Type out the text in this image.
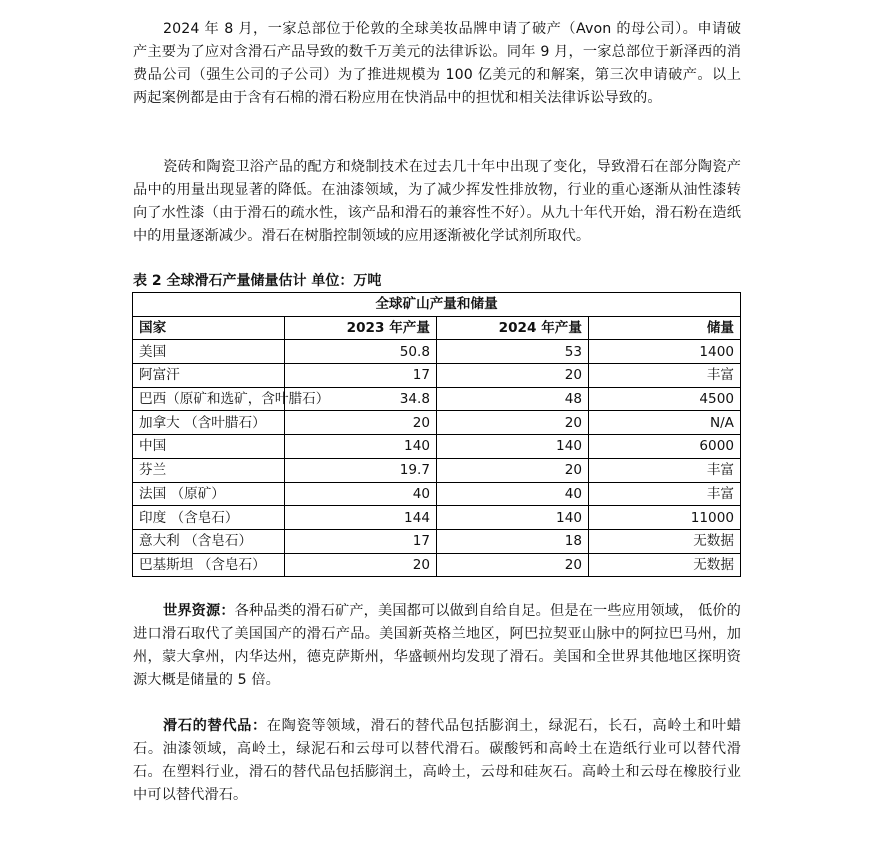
2024 年 8 月，一家总部位于伦敦的全球美妆品牌申请了破产（Avon 的母公司）。申请破产主要为了应对含滑石产品导致的数千万美元的法律诉讼。同年 9 月，一家总部位于新泽西的消费品公司（强生公司的子公司）为了推进规模为 100 亿美元的和解案，第三次申请破产。以上两起案例都是由于含有石棉的滑石粉应用在快消品中的担忧和相关法律诉讼导致的。

瓷砖和陶瓷卫浴产品的配方和烧制技术在过去几十年中出现了变化，导致滑石在部分陶瓷产品中的用量出现显著的降低。在油漆领域，为了减少挥发性排放物，行业的重心逐渐从油性漆转向了水性漆（由于滑石的疏水性，该产品和滑石的兼容性不好）。从九十年代开始，滑石粉在造纸中的用量逐渐减少。滑石在树脂控制领域的应用逐渐被化学试剂所取代。

表 2 全球滑石产量储量估计 单位：万吨
全球矿山产量和储量			
国家	2023 年产量	2024 年产量	储量
美国	50.8	53	1400
阿富汗	17	20	丰富
巴西（原矿和选矿，含叶腊石）	34.8	48	4500
加拿大 （含叶腊石）	20	20	N/A
中国	140	140	6000
芬兰	19.7	20	丰富
法国 （原矿）	40	40	丰富
印度 （含皂石）	144	140	11000
意大利 （含皂石）	17	18	无数据
巴基斯坦 （含皂石）	20	20	无数据

世界资源：各种品类的滑石矿产，美国都可以做到自给自足。但是在一些应用领域， 低价的进口滑石取代了美国国产的滑石产品。美国新英格兰地区，阿巴拉契亚山脉中的阿拉巴马州，加州，蒙大拿州，内华达州，德克萨斯州，华盛顿州均发现了滑石。美国和全世界其他地区探明资源大概是储量的 5 倍。

滑石的替代品：在陶瓷等领域，滑石的替代品包括膨润土，绿泥石，长石，高岭土和叶蜡石。油漆领域，高岭土，绿泥石和云母可以替代滑石。碳酸钙和高岭土在造纸行业可以替代滑石。在塑料行业，滑石的替代品包括膨润土，高岭土，云母和硅灰石。高岭土和云母在橡胶行业中可以替代滑石。
